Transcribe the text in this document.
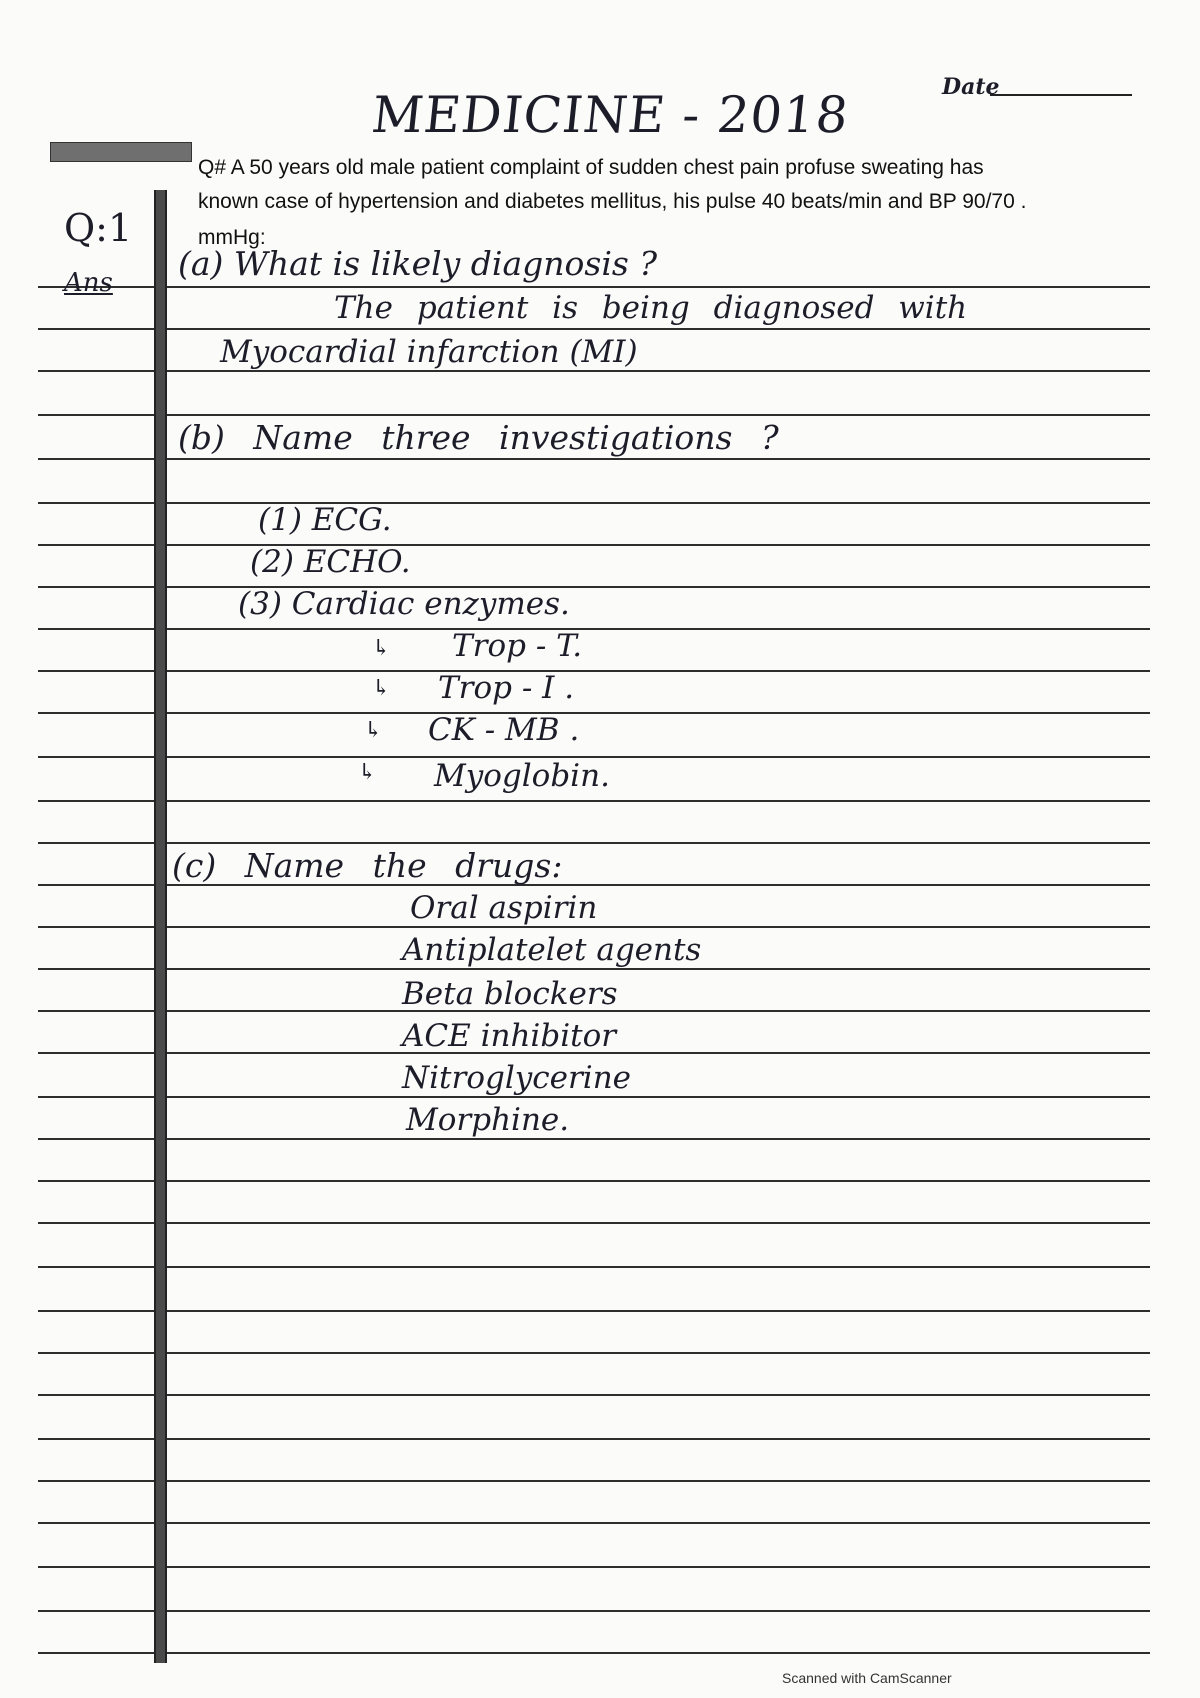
MEDICINE - 2018	Date
Q# A 50 years old male patient complaint of sudden chest pain profuse sweating has
known case of hypertension and diabetes mellitus, his pulse 40 beats/min and BP 90/70 .
mmHg:
Q:1
Ans (a) What is likely diagnosis ?
The patient is being diagnosed with
Myocardial infarction (MI)
(b) Name three investigations ?
(1) ECG.
(2) ECHO.
(3) Cardiac enzymes.
↳ Trop - T.
↳ Trop - I .
↳ CK - MB .
↳ Myoglobin.
(c) Name the drugs:
Oral aspirin
Antiplatelet agents
Beta blockers
ACE inhibitor
Nitroglycerine
Morphine.
Scanned with CamScanner
